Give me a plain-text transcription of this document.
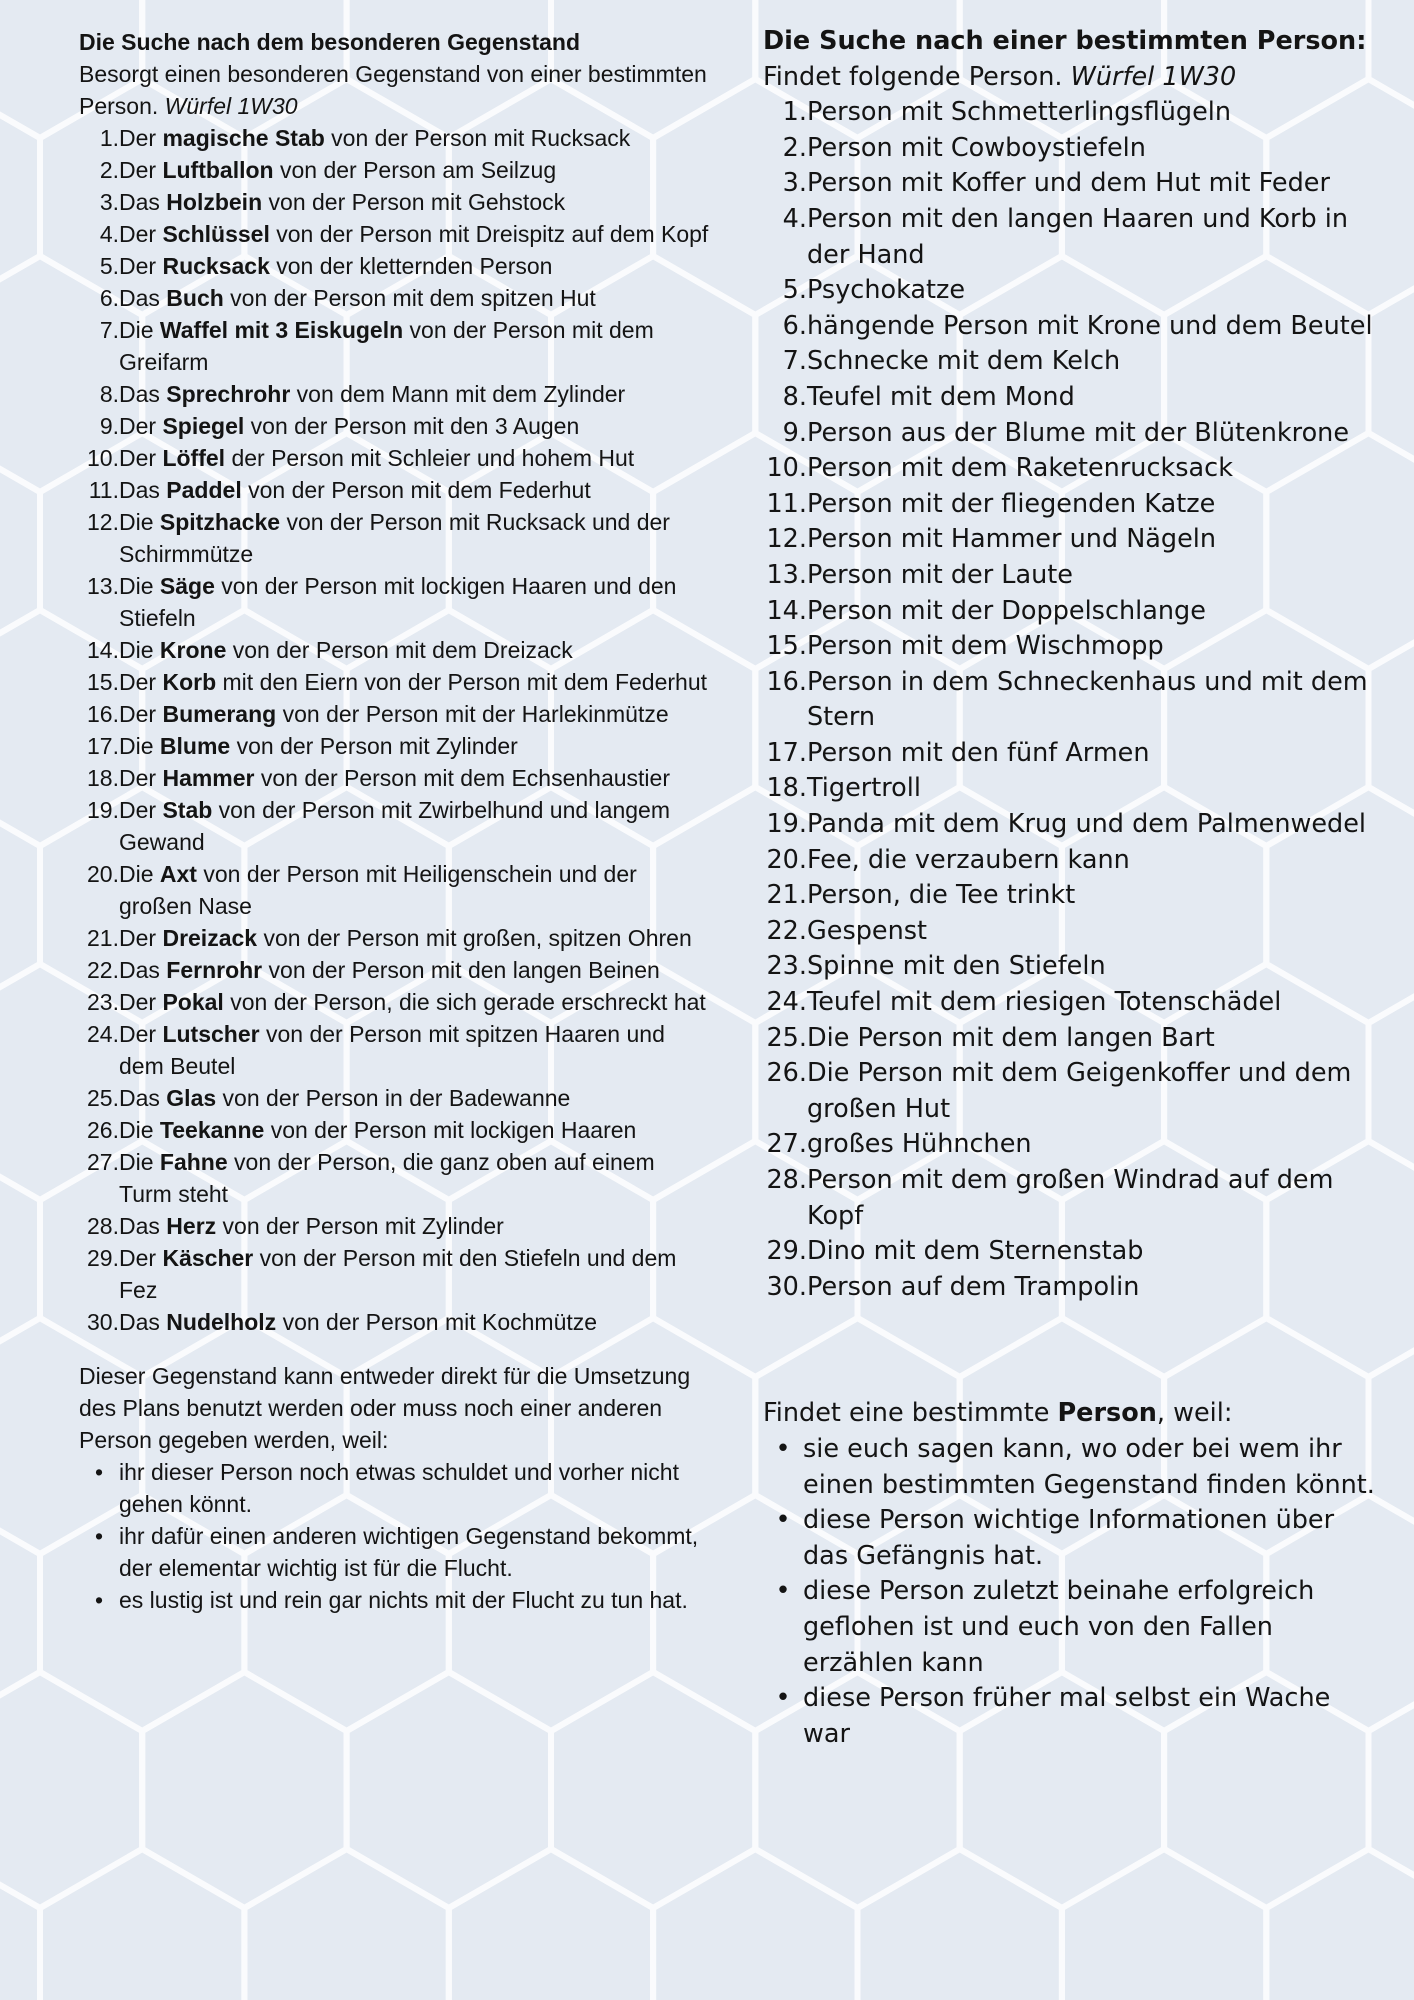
Die Suche nach dem besonderen Gegenstand
Besorgt einen besonderen Gegenstand von einer bestimmten Person. Würfel 1W30
1. Der magische Stab von der Person mit Rucksack
2. Der Luftballon von der Person am Seilzug
3. Das Holzbein von der Person mit Gehstock
4. Der Schlüssel von der Person mit Dreispitz auf dem Kopf
5. Der Rucksack von der kletternden Person
6. Das Buch von der Person mit dem spitzen Hut
7. Die Waffel mit 3 Eiskugeln von der Person mit dem Greifarm
8. Das Sprechrohr von dem Mann mit dem Zylinder
9. Der Spiegel von der Person mit den 3 Augen
10. Der Löffel der Person mit Schleier und hohem Hut
11. Das Paddel von der Person mit dem Federhut
12. Die Spitzhacke von der Person mit Rucksack und der Schirmmütze
13. Die Säge von der Person mit lockigen Haaren und den Stiefeln
14. Die Krone von der Person mit dem Dreizack
15. Der Korb mit den Eiern von der Person mit dem Federhut
16. Der Bumerang von der Person mit der Harlekinmütze
17. Die Blume von der Person mit Zylinder
18. Der Hammer von der Person mit dem Echsenhaustier
19. Der Stab von der Person mit Zwirbelhund und langem Gewand
20. Die Axt von der Person mit Heiligenschein und der großen Nase
21. Der Dreizack von der Person mit großen, spitzen Ohren
22. Das Fernrohr von der Person mit den langen Beinen
23. Der Pokal von der Person, die sich gerade erschreckt hat
24. Der Lutscher von der Person mit spitzen Haaren und dem Beutel
25. Das Glas von der Person in der Badewanne
26. Die Teekanne von der Person mit lockigen Haaren
27. Die Fahne von der Person, die ganz oben auf einem Turm steht
28. Das Herz von der Person mit Zylinder
29. Der Käscher von der Person mit den Stiefeln und dem Fez
30. Das Nudelholz von der Person mit Kochmütze
Dieser Gegenstand kann entweder direkt für die Umsetzung des Plans benutzt werden oder muss noch einer anderen Person gegeben werden, weil:
• ihr dieser Person noch etwas schuldet und vorher nicht gehen könnt.
• ihr dafür einen anderen wichtigen Gegenstand bekommt, der elementar wichtig ist für die Flucht.
• es lustig ist und rein gar nichts mit der Flucht zu tun hat.
Die Suche nach einer bestimmten Person:
Findet folgende Person. Würfel 1W30
1. Person mit Schmetterlingsflügeln
2. Person mit Cowboystiefeln
3. Person mit Koffer und dem Hut mit Feder
4. Person mit den langen Haaren und Korb in der Hand
5. Psychokatze
6. hängende Person mit Krone und dem Beutel
7. Schnecke mit dem Kelch
8. Teufel mit dem Mond
9. Person aus der Blume mit der Blütenkrone
10. Person mit dem Raketenrucksack
11. Person mit der fliegenden Katze
12. Person mit Hammer und Nägeln
13. Person mit der Laute
14. Person mit der Doppelschlange
15. Person mit dem Wischmopp
16. Person in dem Schneckenhaus und mit dem Stern
17. Person mit den fünf Armen
18. Tigertroll
19. Panda mit dem Krug und dem Palmenwedel
20. Fee, die verzaubern kann
21. Person, die Tee trinkt
22. Gespenst
23. Spinne mit den Stiefeln
24. Teufel mit dem riesigen Totenschädel
25. Die Person mit dem langen Bart
26. Die Person mit dem Geigenkoffer und dem großen Hut
27. großes Hühnchen
28. Person mit dem großen Windrad auf dem Kopf
29. Dino mit dem Sternenstab
30. Person auf dem Trampolin
Findet eine bestimmte Person, weil:
• sie euch sagen kann, wo oder bei wem ihr einen bestimmten Gegenstand finden könnt.
• diese Person wichtige Informationen über das Gefängnis hat.
• diese Person zuletzt beinahe erfolgreich geflohen ist und euch von den Fallen erzählen kann
• diese Person früher mal selbst ein Wache war
